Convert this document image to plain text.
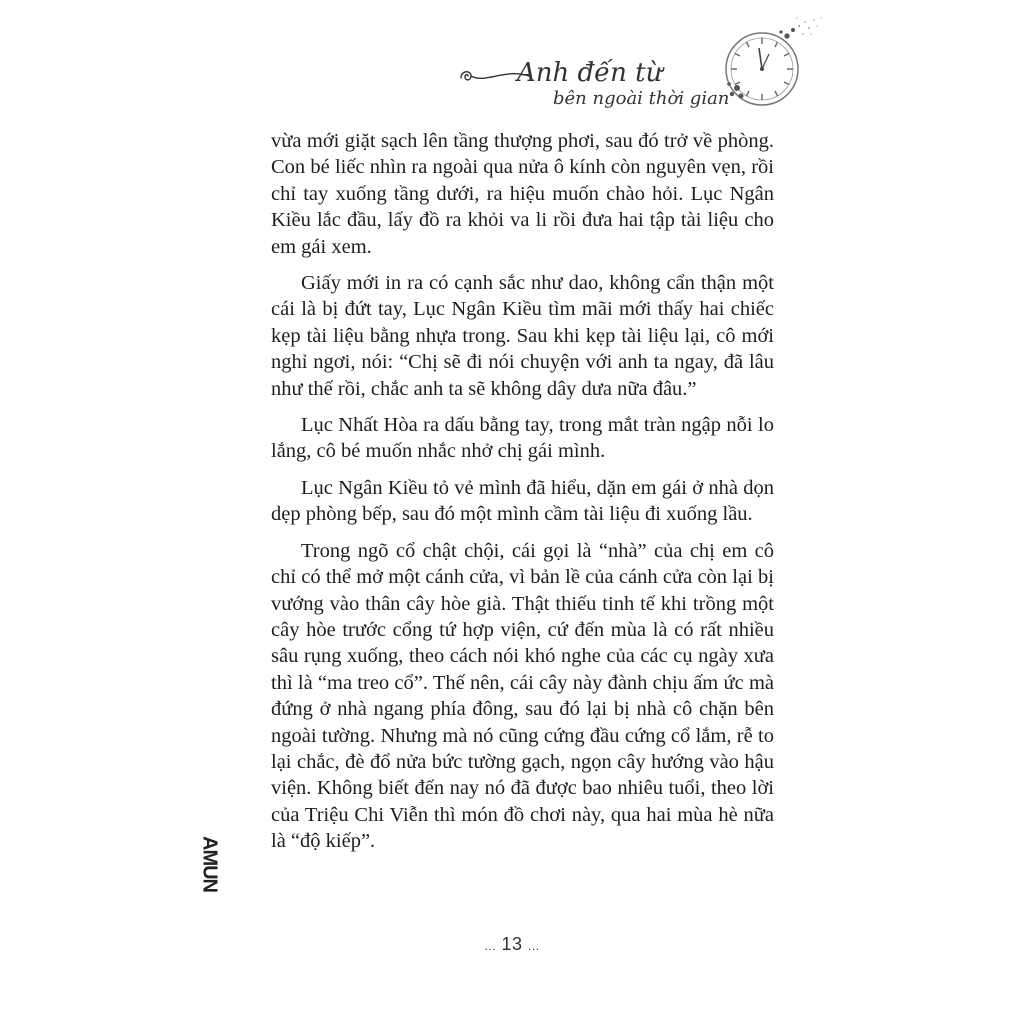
Anh đến từ
bên ngoài thời gian

vừa mới giặt sạch lên tầng thượng phơi, sau đó trở về phòng. Con bé liếc nhìn ra ngoài qua nửa ô kính còn nguyên vẹn, rồi chỉ tay xuống tầng dưới, ra hiệu muốn chào hỏi. Lục Ngân Kiều lắc đầu, lấy đồ ra khỏi va li rồi đưa hai tập tài liệu cho em gái xem.

Giấy mới in ra có cạnh sắc như dao, không cẩn thận một cái là bị đứt tay, Lục Ngân Kiều tìm mãi mới thấy hai chiếc kẹp tài liệu bằng nhựa trong. Sau khi kẹp tài liệu lại, cô mới nghỉ ngơi, nói: “Chị sẽ đi nói chuyện với anh ta ngay, đã lâu như thế rồi, chắc anh ta sẽ không dây dưa nữa đâu.”

Lục Nhất Hòa ra dấu bằng tay, trong mắt tràn ngập nỗi lo lắng, cô bé muốn nhắc nhở chị gái mình.

Lục Ngân Kiều tỏ vẻ mình đã hiểu, dặn em gái ở nhà dọn dẹp phòng bếp, sau đó một mình cầm tài liệu đi xuống lầu.

Trong ngõ cổ chật chội, cái gọi là “nhà” của chị em cô chỉ có thể mở một cánh cửa, vì bản lề của cánh cửa còn lại bị vướng vào thân cây hòe già. Thật thiếu tinh tế khi trồng một cây hòe trước cổng tứ hợp viện, cứ đến mùa là có rất nhiều sâu rụng xuống, theo cách nói khó nghe của các cụ ngày xưa thì là “ma treo cổ”. Thế nên, cái cây này đành chịu ấm ức mà đứng ở nhà ngang phía đông, sau đó lại bị nhà cô chặn bên ngoài tường. Nhưng mà nó cũng cứng đầu cứng cổ lắm, rễ to lại chắc, đè đổ nửa bức tường gạch, ngọn cây hướng vào hậu viện. Không biết đến nay nó đã được bao nhiêu tuổi, theo lời của Triệu Chi Viễn thì món đồ chơi này, qua hai mùa hè nữa là “độ kiếp”.

AMUN
... 13 ...
